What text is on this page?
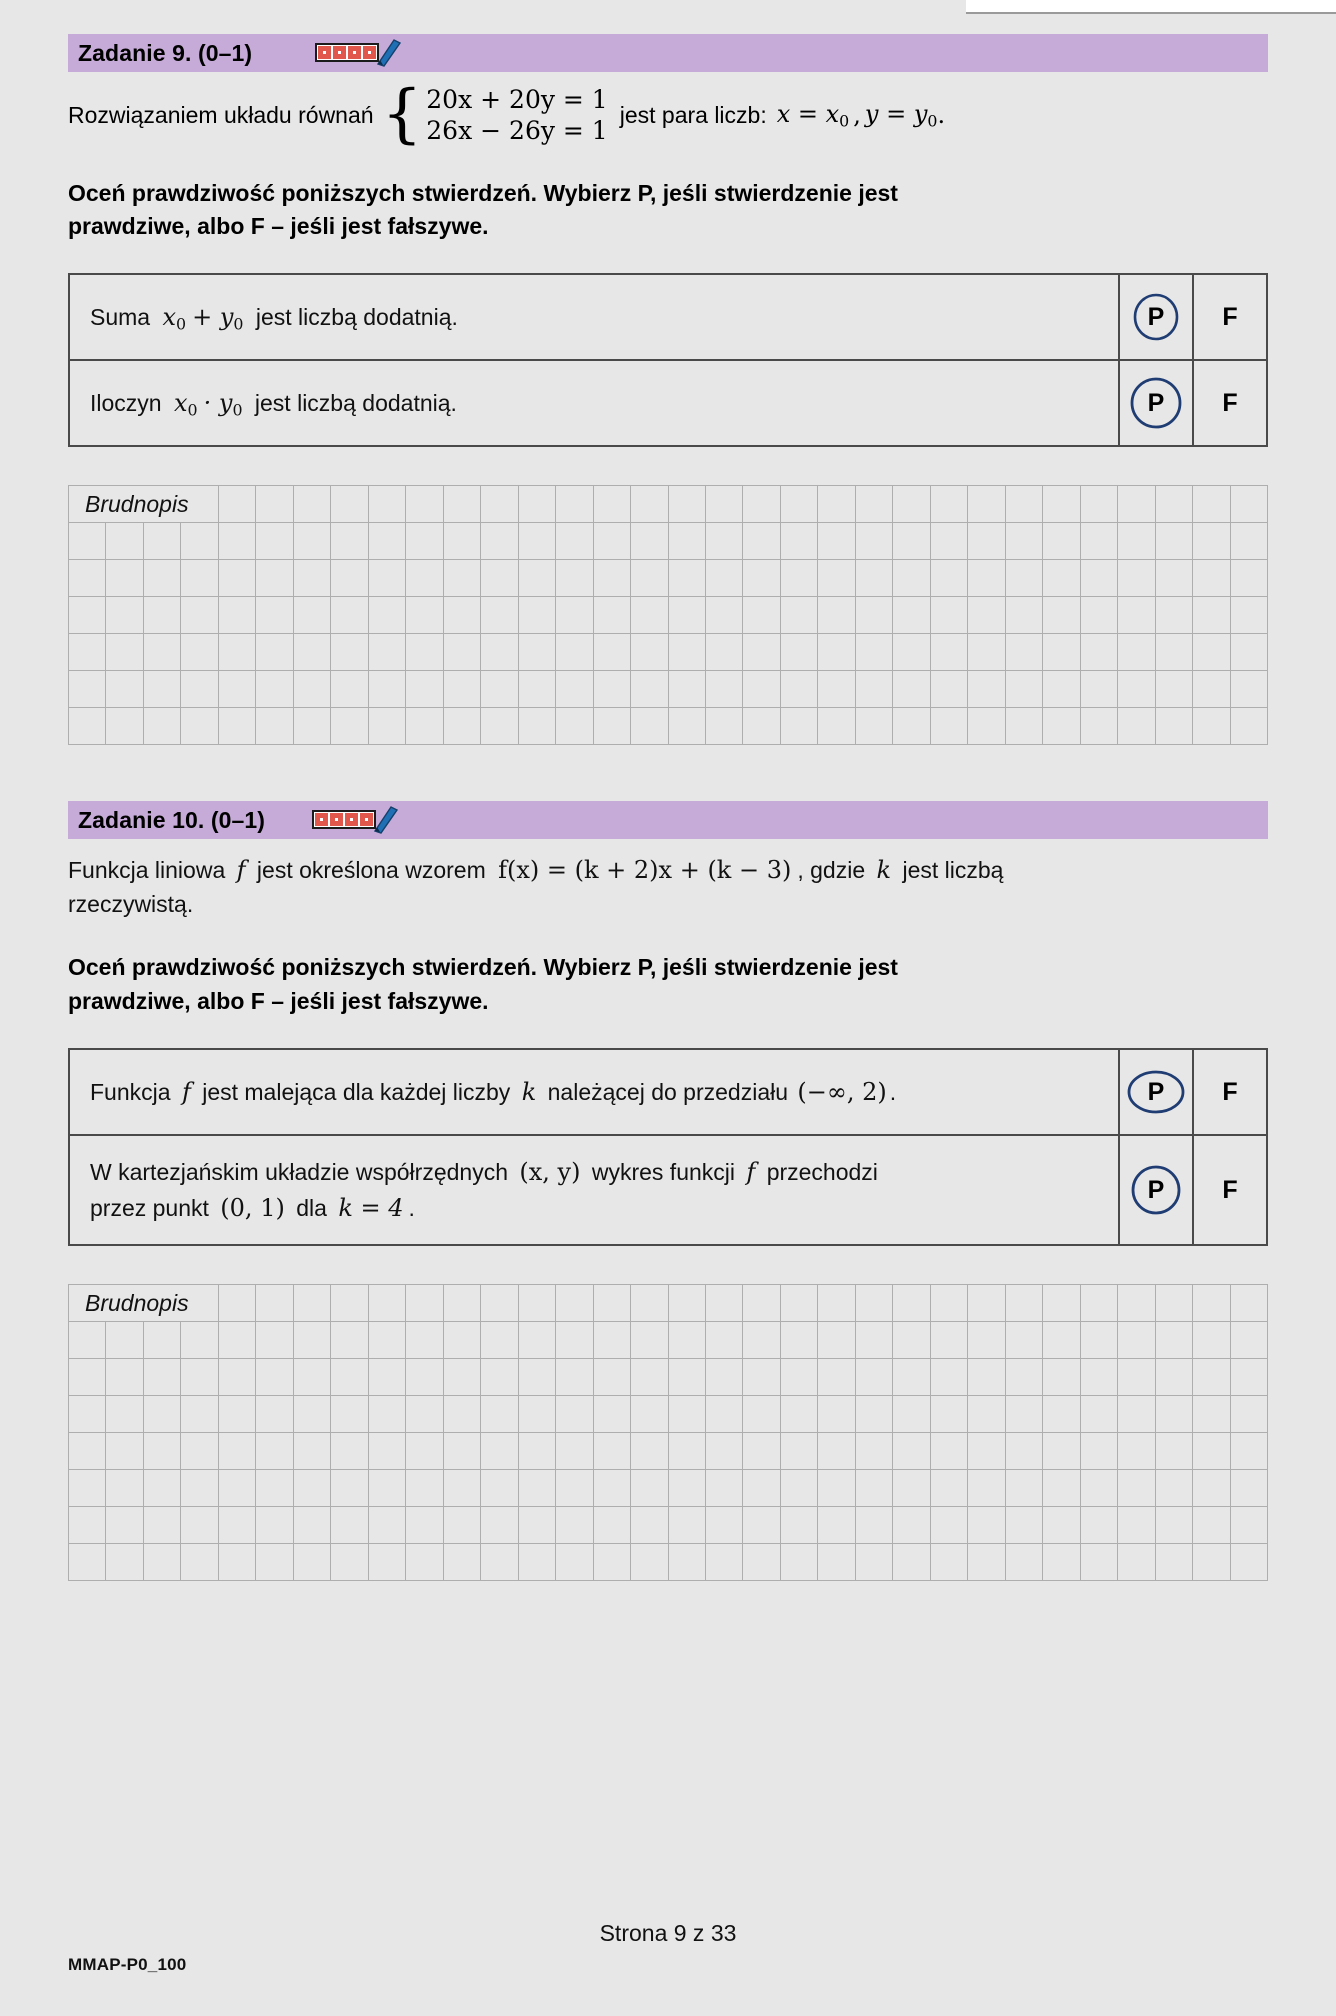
Zadanie 9. (0–1)
Rozwiązaniem układu równań { 20x + 20y = 1
26x − 26y = 1
jest para liczb: $x = x_0$ , $y = y_0$ .
Oceń prawdziwość poniższych stwierdzeń. Wybierz P, jeśli stwierdzenie jest
prawdziwe, albo F – jeśli jest fałszywe.
Suma $x_0 + y_0$ jest liczbą dodatnią.	P	F

Iloczyn $x_0 \cdot y_0$ jest liczbą dodatnią.	P	F
Brudnopis																															

Zadanie 10. (0–1)
Funkcja liniowa f jest określona wzorem f(x) = (k + 2)x + (k − 3) , gdzie k jest liczbą
rzeczywistą.
Oceń prawdziwość poniższych stwierdzeń. Wybierz P, jeśli stwierdzenie jest
prawdziwe, albo F – jeśli jest fałszywe.
Funkcja f jest malejąca dla każdej liczby k należącej do przedziału (−∞, 2) .	P	F

W kartezjańskim układzie współrzędnych (x, y) wykres funkcji f przechodzi
przez punkt (0, 1) dla k = 4 .	P	F
Brudnopis																															

Strona 9 z 33
MMAP-P0_100
